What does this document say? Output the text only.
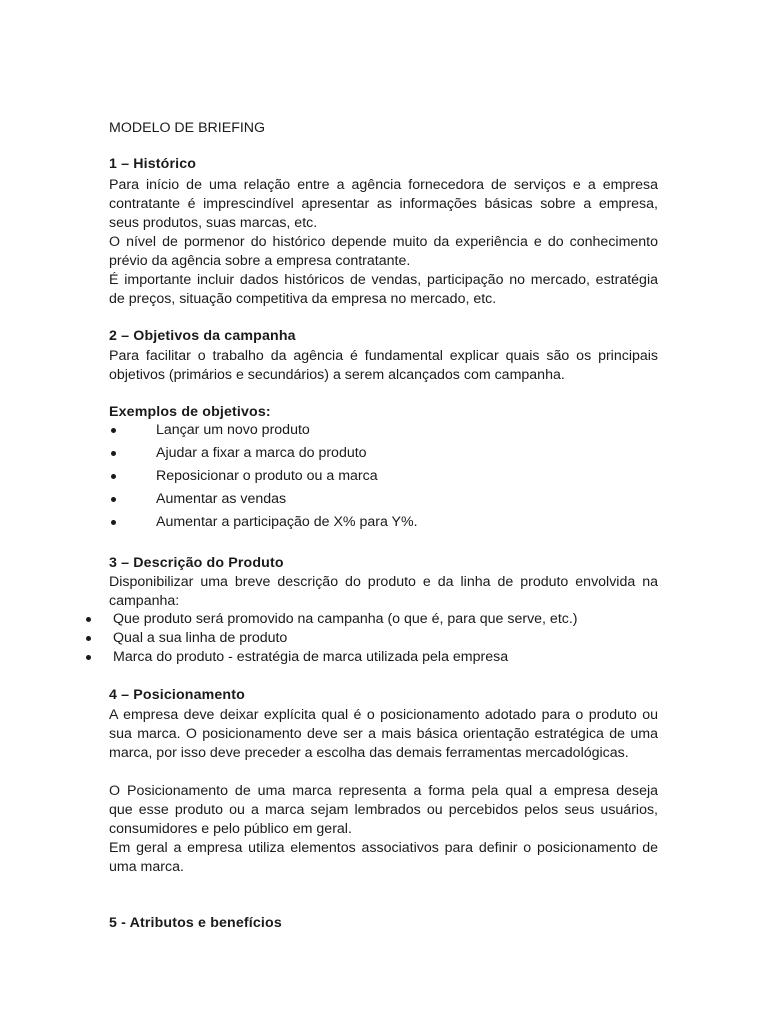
MODELO DE BRIEFING
1 – Histórico
Para início de uma relação entre a agência fornecedora de serviços e a empresa
contratante é imprescindível apresentar as informações básicas sobre a empresa,
seus produtos, suas marcas, etc.
O nível de pormenor do histórico depende muito da experiência e do conhecimento
prévio da agência sobre a empresa contratante.
É importante incluir dados históricos de vendas, participação no mercado, estratégia
de preços, situação competitiva da empresa no mercado, etc.
2 – Objetivos da campanha
Para facilitar o trabalho da agência é fundamental explicar quais são os principais
objetivos (primários e secundários) a serem alcançados com campanha.
Exemplos de objetivos:
Lançar um novo produto
Ajudar a fixar a marca do produto
Reposicionar o produto ou a marca
Aumentar as vendas
Aumentar a participação de X% para Y%.
3 – Descrição do Produto
Disponibilizar uma breve descrição do produto e da linha de produto envolvida na
campanha:
Que produto será promovido na campanha (o que é, para que serve, etc.)
Qual a sua linha de produto
Marca do produto - estratégia de marca utilizada pela empresa
4 – Posicionamento
A empresa deve deixar explícita qual é o posicionamento adotado para o produto ou
sua marca. O posicionamento deve ser a mais básica orientação estratégica de uma
marca, por isso deve preceder a escolha das demais ferramentas mercadológicas.
O Posicionamento de uma marca representa a forma pela qual a empresa deseja
que esse produto ou a marca sejam lembrados ou percebidos pelos seus usuários,
consumidores e pelo público em geral.
Em geral a empresa utiliza elementos associativos para definir o posicionamento de
uma marca.
5 - Atributos e benefícios
